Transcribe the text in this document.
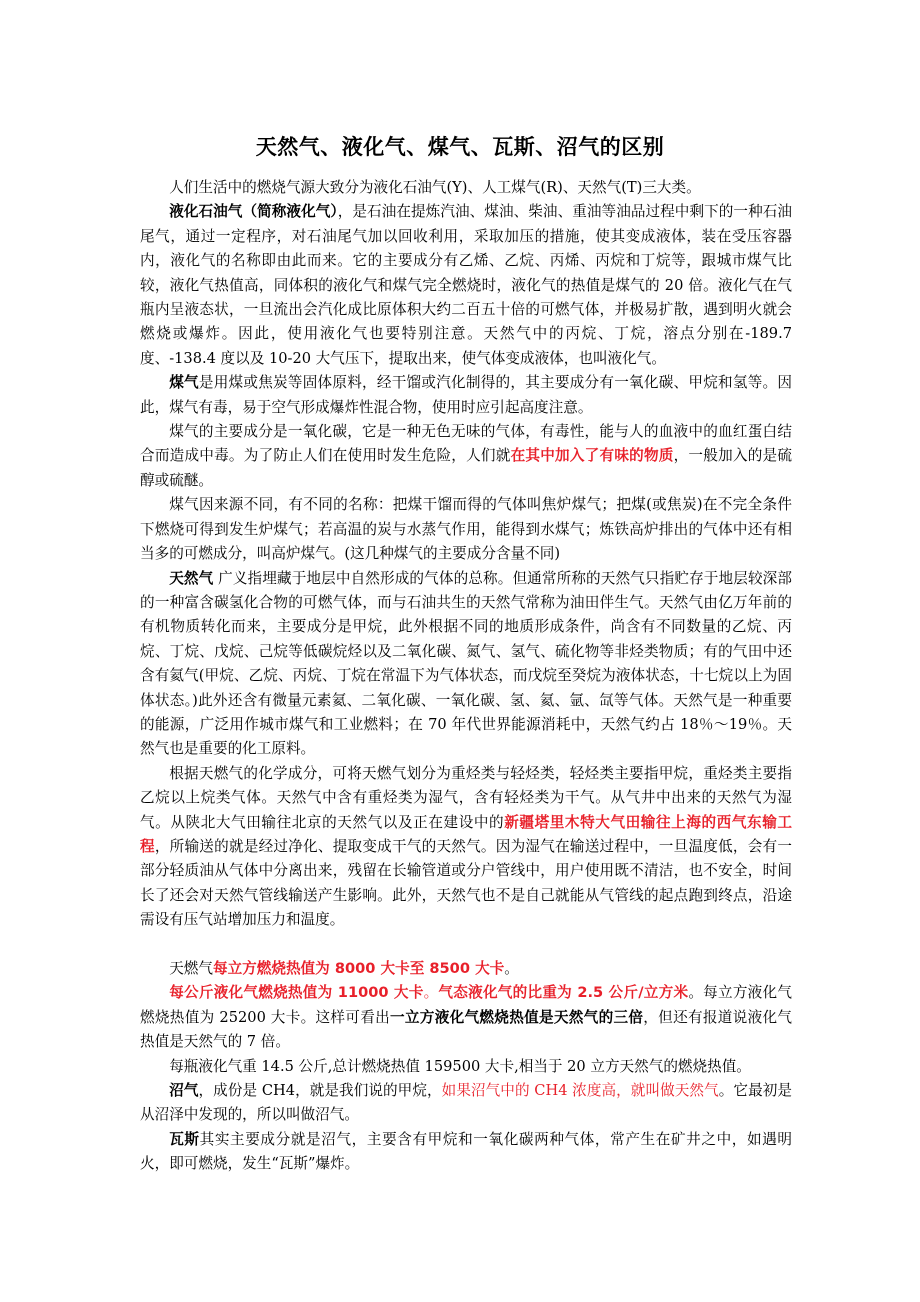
天然气、液化气、煤气、瓦斯、沼气的区别

人们生活中的燃烧气源大致分为液化石油气(Y)、人工煤气(R)、天然气(T)三大类。

液化石油气（简称液化气），是石油在提炼汽油、煤油、柴油、重油等油品过程中剩下的一种石油尾气，通过一定程序，对石油尾气加以回收利用，采取加压的措施，使其变成液体，装在受压容器内，液化气的名称即由此而来。它的主要成分有乙烯、乙烷、丙烯、丙烷和丁烷等，跟城市煤气比较，液化气热值高，同体积的液化气和煤气完全燃烧时，液化气的热值是煤气的 20 倍。液化气在气瓶内呈液态状，一旦流出会汽化成比原体积大约二百五十倍的可燃气体，并极易扩散，遇到明火就会燃烧或爆炸。因此，使用液化气也要特别注意。天然气中的丙烷、丁烷，溶点分别在-189.7 度、-138.4 度以及 10-20 大气压下，提取出来，使气体变成液体，也叫液化气。

煤气是用煤或焦炭等固体原料，经干馏或汽化制得的，其主要成分有一氧化碳、甲烷和氢等。因此，煤气有毒，易于空气形成爆炸性混合物，使用时应引起高度注意。

煤气的主要成分是一氧化碳，它是一种无色无味的气体，有毒性，能与人的血液中的血红蛋白结合而造成中毒。为了防止人们在使用时发生危险，人们就在其中加入了有味的物质，一般加入的是硫醇或硫醚。

煤气因来源不同，有不同的名称：把煤干馏而得的气体叫焦炉煤气；把煤(或焦炭)在不完全条件下燃烧可得到发生炉煤气；若高温的炭与水蒸气作用，能得到水煤气；炼铁高炉排出的气体中还有相当多的可燃成分，叫高炉煤气。(这几种煤气的主要成分含量不同)

天然气 广义指埋藏于地层中自然形成的气体的总称。但通常所称的天然气只指贮存于地层较深部的一种富含碳氢化合物的可燃气体，而与石油共生的天然气常称为油田伴生气。天然气由亿万年前的有机物质转化而来，主要成分是甲烷，此外根据不同的地质形成条件，尚含有不同数量的乙烷、丙烷、丁烷、戊烷、己烷等低碳烷烃以及二氧化碳、氮气、氢气、硫化物等非烃类物质；有的气田中还含有氦气(甲烷、乙烷、丙烷、丁烷在常温下为气体状态，而戊烷至癸烷为液体状态，十七烷以上为固体状态。)此外还含有微量元素氦、二氧化碳、一氧化碳、氢、氦、氩、氙等气体。天然气是一种重要的能源，广泛用作城市煤气和工业燃料；在 70 年代世界能源消耗中，天然气约占 18％～19％。天然气也是重要的化工原料。

根据天燃气的化学成分，可将天燃气划分为重烃类与轻烃类，轻烃类主要指甲烷，重烃类主要指乙烷以上烷类气体。天然气中含有重烃类为湿气，含有轻烃类为干气。从气井中出来的天然气为湿气。从陕北大气田输往北京的天然气以及正在建设中的新疆塔里木特大气田输往上海的西气东输工程，所输送的就是经过净化、提取变成干气的天然气。因为湿气在输送过程中，一旦温度低，会有一部分轻质油从气体中分离出来，残留在长输管道或分户管线中，用户使用既不清洁，也不安全，时间长了还会对天然气管线输送产生影响。此外，天然气也不是自己就能从气管线的起点跑到终点，沿途需设有压气站增加压力和温度。

天燃气每立方燃烧热值为 8000 大卡至 8500 大卡。

每公斤液化气燃烧热值为 11000 大卡。气态液化气的比重为 2.5 公斤/立方米。每立方液化气燃烧热值为 25200 大卡。这样可看出一立方液化气燃烧热值是天然气的三倍，但还有报道说液化气热值是天然气的 7 倍。

每瓶液化气重 14.5 公斤,总计燃烧热值 159500 大卡,相当于 20 立方天然气的燃烧热值。

沼气，成份是 CH4，就是我们说的甲烷，如果沼气中的 CH4 浓度高，就叫做天然气。它最初是从沼泽中发现的，所以叫做沼气。

瓦斯其实主要成分就是沼气，主要含有甲烷和一氧化碳两种气体，常产生在矿井之中，如遇明火，即可燃烧，发生“瓦斯”爆炸。
